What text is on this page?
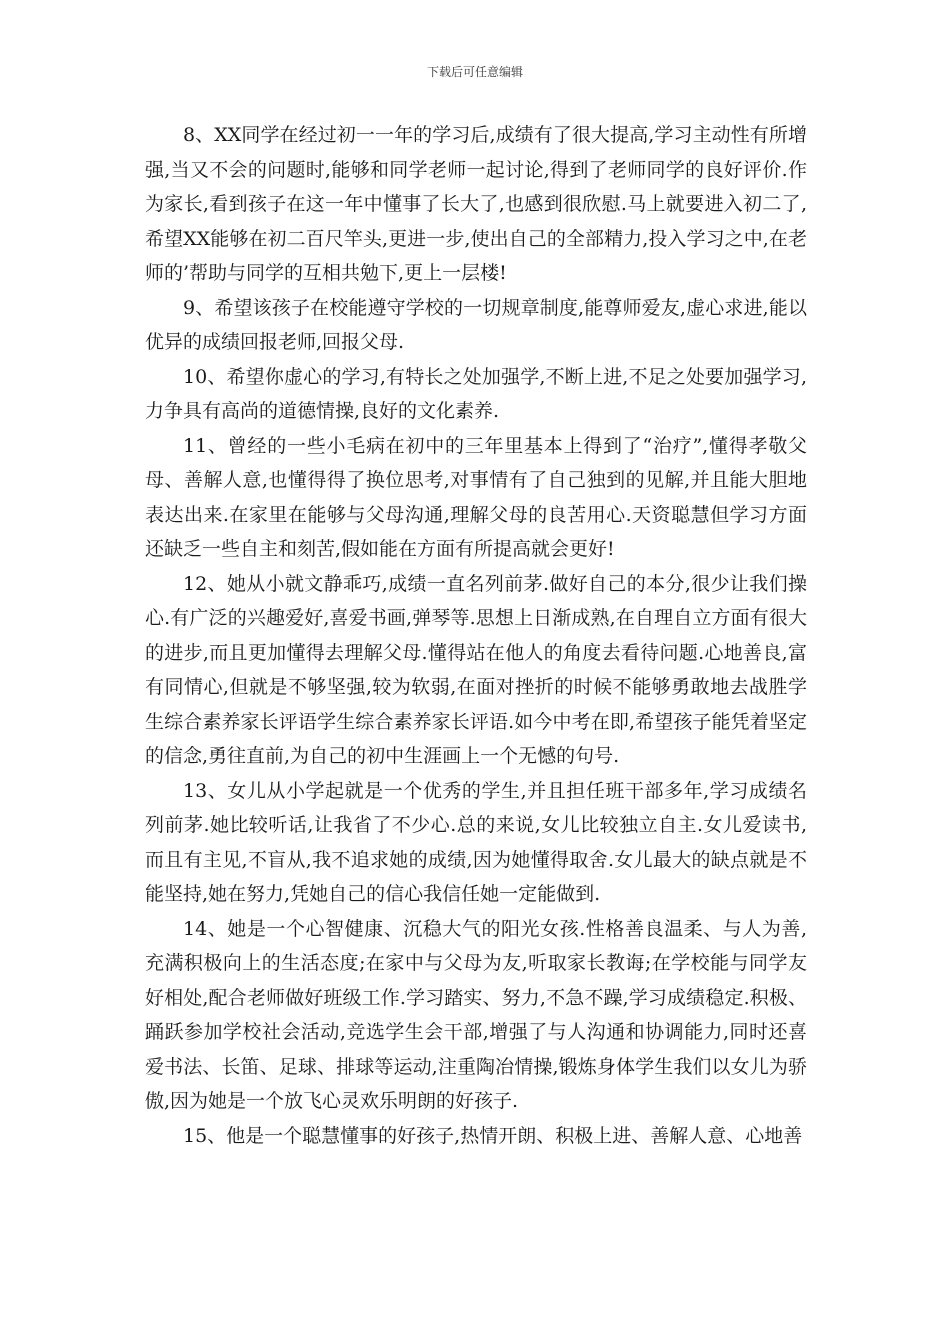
下载后可任意编辑

8、XX同学在经过初一一年的学习后,成绩有了很大提高,学习主动性有所增强,当又不会的问题时,能够和同学老师一起讨论,得到了老师同学的良好评价.作为家长,看到孩子在这一年中懂事了长大了,也感到很欣慰.马上就要进入初二了,希望XX能够在初二百尺竿头,更进一步,使出自己的全部精力,投入学习之中,在老师的’帮助与同学的互相共勉下,更上一层楼!

9、希望该孩子在校能遵守学校的一切规章制度,能尊师爱友,虚心求进,能以优异的成绩回报老师,回报父母.

10、希望你虚心的学习,有特长之处加强学,不断上进,不足之处要加强学习,力争具有高尚的道德情操,良好的文化素养.

11、曾经的一些小毛病在初中的三年里基本上得到了“治疗”,懂得孝敬父母、善解人意,也懂得得了换位思考,对事情有了自己独到的见解,并且能大胆地表达出来.在家里在能够与父母沟通,理解父母的良苦用心.天资聪慧但学习方面还缺乏一些自主和刻苦,假如能在方面有所提高就会更好!

12、她从小就文静乖巧,成绩一直名列前茅.做好自己的本分,很少让我们操心.有广泛的兴趣爱好,喜爱书画,弹琴等.思想上日渐成熟,在自理自立方面有很大的进步,而且更加懂得去理解父母.懂得站在他人的角度去看待问题.心地善良,富有同情心,但就是不够坚强,较为软弱,在面对挫折的时候不能够勇敢地去战胜学生综合素养家长评语学生综合素养家长评语.如今中考在即,希望孩子能凭着坚定的信念,勇往直前,为自己的初中生涯画上一个无憾的句号.

13、女儿从小学起就是一个优秀的学生,并且担任班干部多年,学习成绩名列前茅.她比较听话,让我省了不少心.总的来说,女儿比较独立自主.女儿爱读书,而且有主见,不盲从,我不追求她的成绩,因为她懂得取舍.女儿最大的缺点就是不能坚持,她在努力,凭她自己的信心我信任她一定能做到.

14、她是一个心智健康、沉稳大气的阳光女孩.性格善良温柔、与人为善,充满积极向上的生活态度;在家中与父母为友,听取家长教诲;在学校能与同学友好相处,配合老师做好班级工作.学习踏实、努力,不急不躁,学习成绩稳定.积极、踊跃参加学校社会活动,竞选学生会干部,增强了与人沟通和协调能力,同时还喜爱书法、长笛、足球、排球等运动,注重陶冶情操,锻炼身体学生我们以女儿为骄傲,因为她是一个放飞心灵欢乐明朗的好孩子.

15、他是一个聪慧懂事的好孩子,热情开朗、积极上进、善解人意、心地善
